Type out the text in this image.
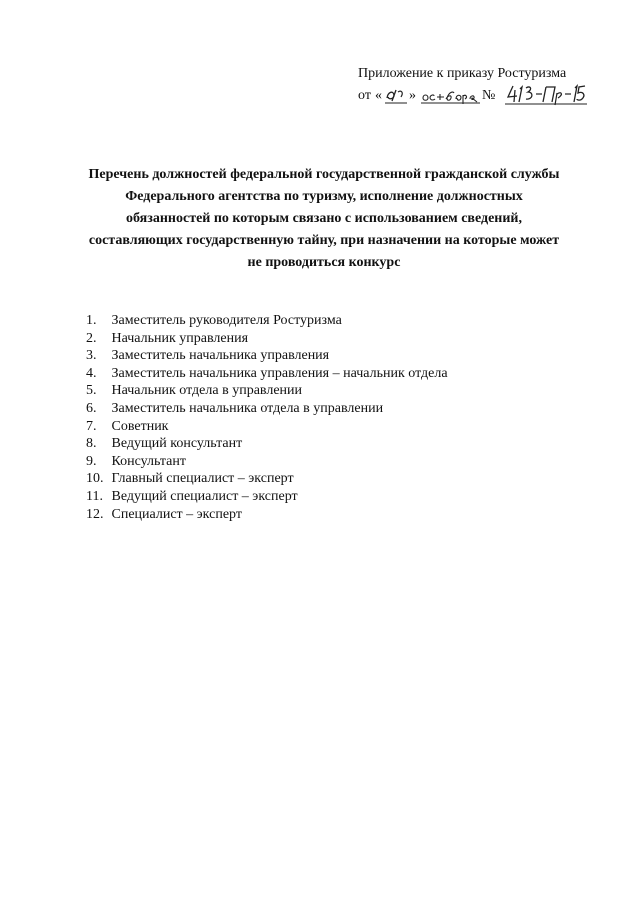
Приложение к приказу Ростуризма
от « »	№
Перечень должностей федеральной государственной гражданской службы
Федерального агентства по туризму, исполнение должностных
обязанностей по которым связано с использованием сведений,
составляющих государственную тайну, при назначении на которые может
не проводиться конкурс
1. Заместитель руководителя Ростуризма
2. Начальник управления
3. Заместитель начальника управления
4. Заместитель начальника управления – начальник отдела
5. Начальник отдела в управлении
6. Заместитель начальника отдела в управлении
7. Советник
8. Ведущий консультант
9. Консультант
10. Главный специалист – эксперт
11. Ведущий специалист – эксперт
12. Специалист – эксперт
